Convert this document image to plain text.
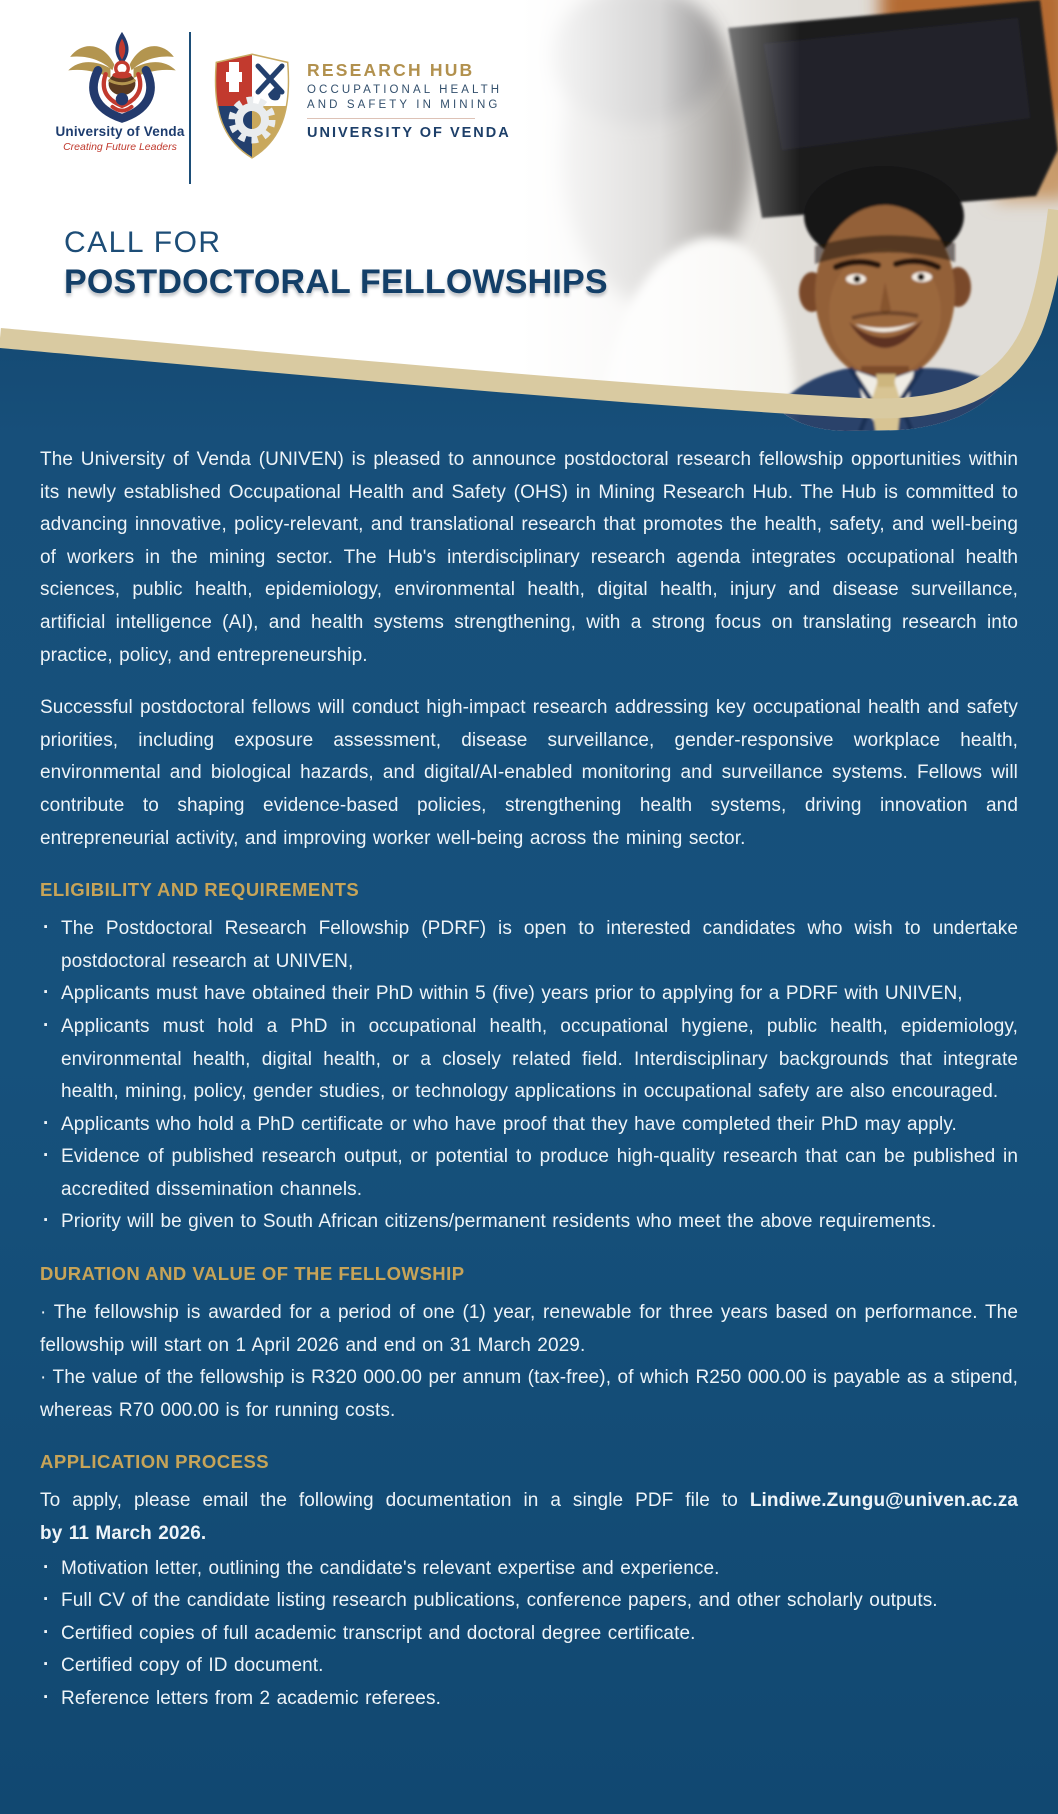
University of Venda
Creating Future Leaders
RESEARCH HUB
OCCUPATIONAL HEALTH
AND SAFETY IN MINING
UNIVERSITY OF VENDA
CALL FOR
POSTDOCTORAL FELLOWSHIPS

The University of Venda (UNIVEN) is pleased to announce postdoctoral research fellowship opportunities within its newly established Occupational Health and Safety (OHS) in Mining Research Hub. The Hub is committed to advancing innovative, policy-relevant, and translational research that promotes the health, safety, and well-being of workers in the mining sector. The Hub's interdisciplinary research agenda integrates occupational health sciences, public health, epidemiology, environmental health, digital health, injury and disease surveillance, artificial intelligence (AI), and health systems strengthening, with a strong focus on translating research into practice, policy, and entrepreneurship.

Successful postdoctoral fellows will conduct high-impact research addressing key occupational health and safety priorities, including exposure assessment, disease surveillance, gender-responsive workplace health, environmental and biological hazards, and digital/AI-enabled monitoring and surveillance systems. Fellows will contribute to shaping evidence-based policies, strengthening health systems, driving innovation and entrepreneurial activity, and improving worker well-being across the mining sector.

ELIGIBILITY AND REQUIREMENTS
· The Postdoctoral Research Fellowship (PDRF) is open to interested candidates who wish to undertake postdoctoral research at UNIVEN,
· Applicants must have obtained their PhD within 5 (five) years prior to applying for a PDRF with UNIVEN,
· Applicants must hold a PhD in occupational health, occupational hygiene, public health, epidemiology, environmental health, digital health, or a closely related field. Interdisciplinary backgrounds that integrate health, mining, policy, gender studies, or technology applications in occupational safety are also encouraged.
· Applicants who hold a PhD certificate or who have proof that they have completed their PhD may apply.
· Evidence of published research output, or potential to produce high-quality research that can be published in accredited dissemination channels.
· Priority will be given to South African citizens/permanent residents who meet the above requirements.
DURATION AND VALUE OF THE FELLOWSHIP

· The fellowship is awarded for a period of one (1) year, renewable for three years based on performance. The fellowship will start on 1 April 2026 and end on 31 March 2029.

· The value of the fellowship is R320 000.00 per annum (tax-free), of which R250 000.00 is payable as a stipend, whereas R70 000.00 is for running costs.

APPLICATION PROCESS

To apply, please email the following documentation in a single PDF file to Lindiwe.Zungu@univen.ac.za by 11 March 2026.

· Motivation letter, outlining the candidate's relevant expertise and experience.
· Full CV of the candidate listing research publications, conference papers, and other scholarly outputs.
· Certified copies of full academic transcript and doctoral degree certificate.
· Certified copy of ID document.
· Reference letters from 2 academic referees.
